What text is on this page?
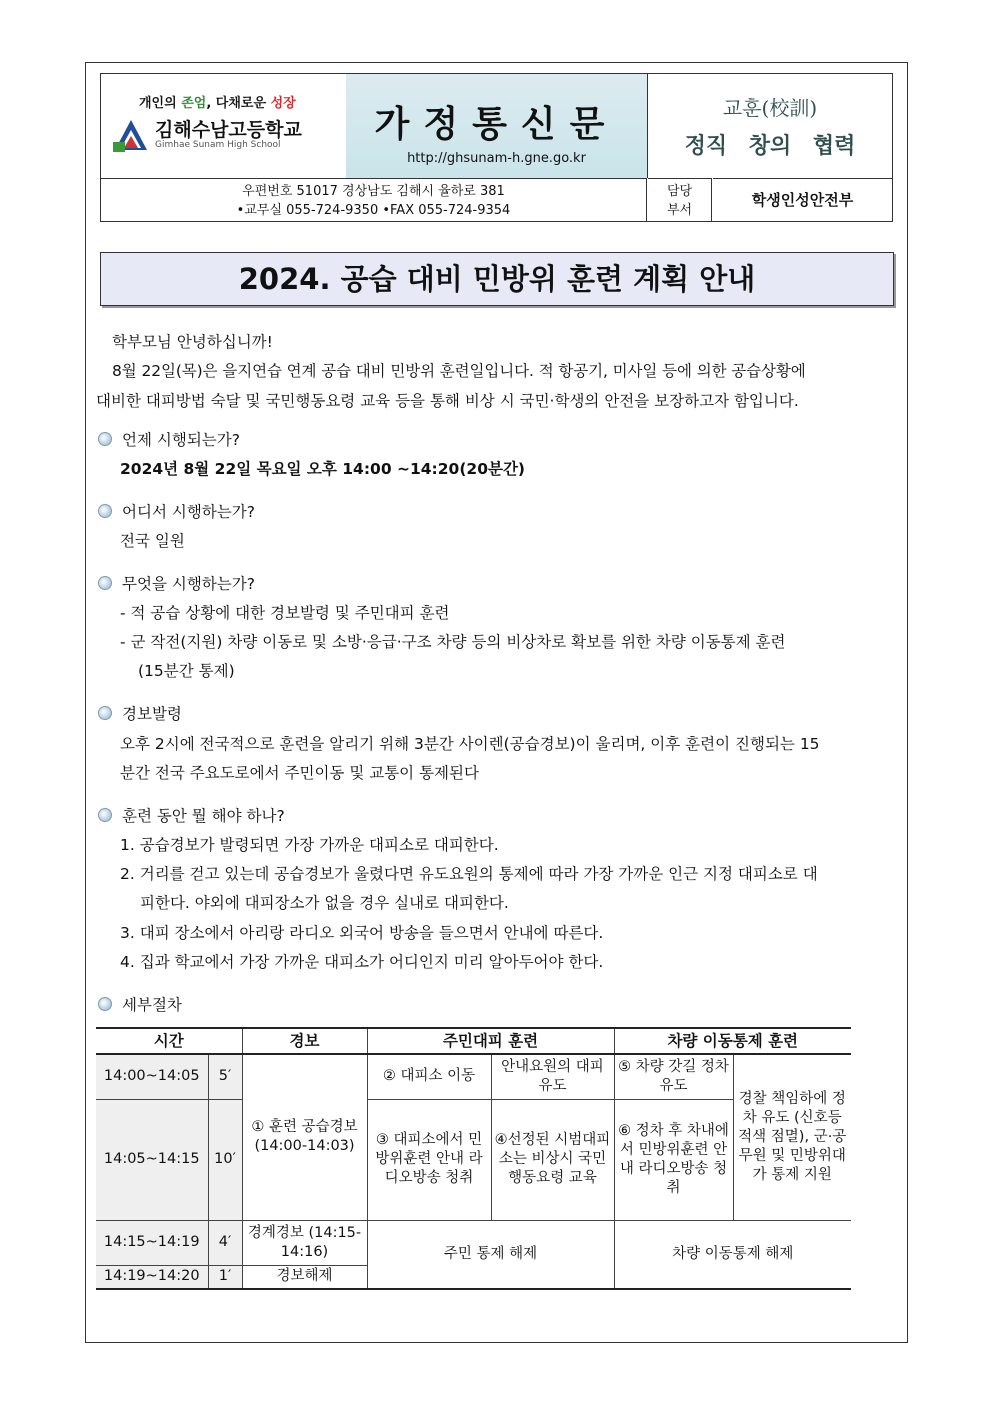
개인의 존엄, 다채로운 성장
김해수남고등학교
Gimhae Sunam High School	가정통신문
http://ghsunam-h.gne.go.kr
교훈(校訓)
정직 창의 협력
우편번호 51017 경상남도 김해시 율하로 381
•교무실 055-724-9350 •FAX 055-724-9354
담당 부서
학생인성안전부
2024. 공습 대비 민방위 훈련 계획 안내
학부모님 안녕하십니까!
8월 22일(목)은 을지연습 연계 공습 대비 민방위 훈련일입니다. 적 항공기, 미사일 등에 의한 공습상황에
대비한 대피방법 숙달 및 국민행동요령 교육 등을 통해 비상 시 국민·학생의 안전을 보장하고자 함입니다.
언제 시행되는가?
2024년 8월 22일 목요일 오후 14:00 ~14:20(20분간)
어디서 시행하는가?
전국 일원
무엇을 시행하는가?
- 적 공습 상황에 대한 경보발령 및 주민대피 훈련
- 군 작전(지원) 차량 이동로 및 소방·응급·구조 차량 등의 비상차로 확보를 위한 차량 이동통제 훈련
(15분간 통제)
경보발령
오후 2시에 전국적으로 훈련을 알리기 위해 3분간 사이렌(공습경보)이 울리며, 이후 훈련이 진행되는 15
분간 전국 주요도로에서 주민이동 및 교통이 통제된다
훈련 동안 뭘 해야 하나?
1. 공습경보가 발령되면 가장 가까운 대피소로 대피한다.
2. 거리를 걷고 있는데 공습경보가 울렸다면 유도요원의 통제에 따라 가장 가까운 인근 지정 대피소로 대
피한다. 야외에 대피장소가 없을 경우 실내로 대피한다.
3. 대피 장소에서 아리랑 라디오 외국어 방송을 들으면서 안내에 따른다.
4. 집과 학교에서 가장 가까운 대피소가 어디인지 미리 알아두어야 한다.
세부절차
시간		경보	주민대피 훈련		차량 이동통제 훈련	
14:00~14:05	5′	① 훈련 공습경보 (14:00-14:03)	② 대피소 이동	안내요원의 대피 유도	⑤ 차량 갓길 정차 유도	경찰 책임하에 정차 유도 (신호등 적색 점멸), 군·공무원 및 민방위대가 통제 지원
14:05~14:15	10′		③ 대피소에서 민방위훈련 안내 라디오방송 청취	④선정된 시범대피소는 비상시 국민행동요령 교육	⑥ 정차 후 차내에서 민방위훈련 안내 라디오방송 청취	
14:15~14:19	4′	경계경보 (14:15-14:16)	주민 통제 해제		차량 이동통제 해제	
14:19~14:20	1′	경보해제				
